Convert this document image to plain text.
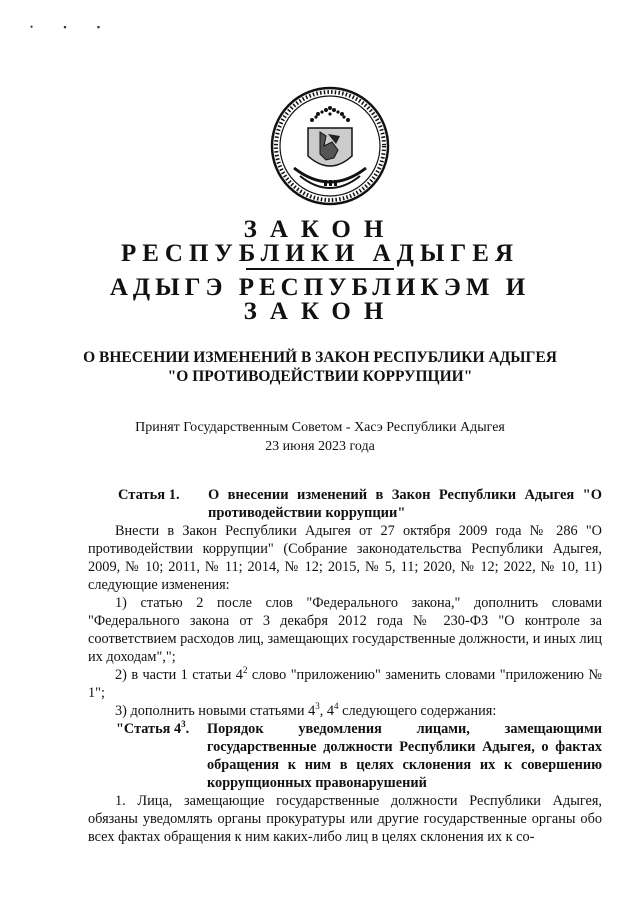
• ▪ ▪
ЗАКОН
РЕСПУБЛИКИ АДЫГЕЯ
АДЫГЭ РЕСПУБЛИКЭМ И
ЗАКОН
О ВНЕСЕНИИ ИЗМЕНЕНИЙ В ЗАКОН РЕСПУБЛИКИ АДЫГЕЯ
"О ПРОТИВОДЕЙСТВИИ КОРРУПЦИИ"
Принят Государственным Советом - Хасэ Республики Адыгея
23 июня 2023 года
Статья 1. О внесении изменений в Закон Республики Адыгея "О противодействии коррупции"

Внести в Закон Республики Адыгея от 27 октября 2009 года № 286 "О противодействии коррупции" (Собрание законодательства Республики Адыгея, 2009, № 10; 2011, № 11; 2014, № 12; 2015, № 5, 11; 2020, № 12; 2022, № 10, 11) следующие изменения:

1) статью 2 после слов "Федерального закона," дополнить словами "Федерального закона от 3 декабря 2012 года № 230-ФЗ "О контроле за соответствием расходов лиц, замещающих государственные должности, и иных лиц их доходам",";

2) в части 1 статьи $4^2$ слово "приложению" заменить словами "приложению № 1";

3) дополнить новыми статьями $4^3$, $4^4$ следующего содержания:

"Статья $4^3$. Порядок уведомления лицами, замещающими государственные должности Республики Адыгея, о фактах обращения к ним в целях склонения их к совершению коррупционных правонарушений

1. Лица, замещающие государственные должности Республики Адыгея, обязаны уведомлять органы прокуратуры или другие государственные органы обо всех фактах обращения к ним каких-либо лиц в целях склонения их к со-
